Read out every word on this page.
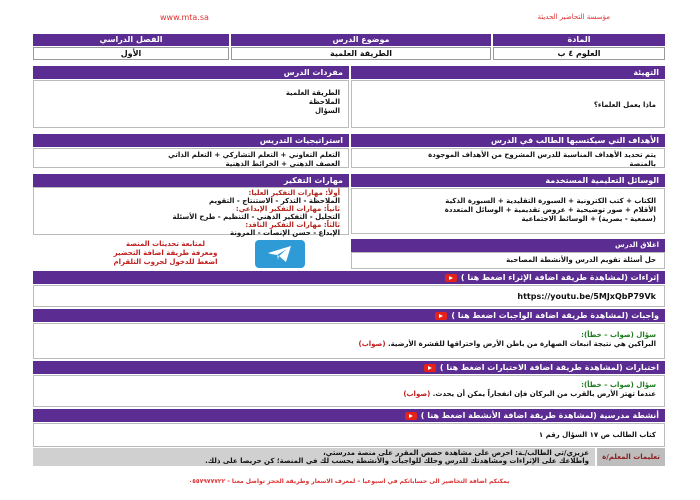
مؤسسة التحاضير الحديثة
www.mta.sa
المادة
موضوع الدرس
الفصل الدراسي
العلوم ٤ ب
الطريقة العلمية
الأول
التهيئة
ماذا يعمل العلماء؟
الأهداف التي سيكتسبها الطالب في الدرس
يتم تحديد الأهداف المناسبة للدرس المشروح من الأهداف الموجودة
بالمنصة
الوسائل التعليمية المستخدمة
الكتاب + كتب الكترونية + السبورة التقليدية + السبورة الذكية
الأقلام + صور توضيحية + عروض تقديمية + الوسائل المتعددة
(سمعية - بصرية) + الوسائط الاجتماعية
اغلاق الدرس
حل أسئلة تقويم الدرس والأنشطة المصاحبة
مفردات الدرس
الطريقة العلمية
الملاحظة
السؤال
استراتيجيات التدريس
التعلم التعاوني + التعلم التشاركي + التعلم الذاتي
العصف الذهني + الخرائط الذهنية
مهارات التفكير
أولاً: مهارات التفكير العليا:
الملاحظة - التذكر - الاستنتاج - التقويم
ثانياً: مهارات التفكير الإبداعي:
التحليل - التفكير الذهني - التنظيم - طرح الأسئلة
ثالثاً: مهارات التفكير الناقد:
الإبداع - حسن الإنصات - المرونة
لمتابعة تحديثات المنصة
ومعرفة طريقة اضافة التحضير
اضغط للدخول لجروب التلقرام
إثراءات (لمشاهدة طريقة اضافة الإثراء اضغط هنا )
https://youtu.be/5MJxQbP79Vk
واجبات (لمشاهدة طريقة اضافة الواجبات اضغط هنا )
سؤال (صواب – خطأ):
البراكين هي نتيجة انبعاث الصهارة من باطن الأرض واختراقها للقشرة الأرضية. (صواب)
اختبارات (لمشاهدة طريقة اضافة الاختبارات اضغط هنا )
سؤال (صواب – خطأ):
عندما تهتز الأرض بالقرب من البركان فإن انفجاراً يمكن أن يحدث. (صواب)
أنشطة مدرسية (لمشاهدة طريقة اضافة الأنشطة اضغط هنا )
كتاب الطالب ص ١٧ السؤال رقم ١
تعليمات المعلم/ة
عزيزي/تي الطالب/ـة: احرص على مشاهدة حصص المقرر على منصة مدرستي،
واطلاعك على الإثراءات ومشاهدتك للدرس وحلك للواجبات والأنشطة يحسب لك في المنصة؛ كن حريصا على ذلك.
يمكنكم اضافة التحاضير الى حساباتكم في اسبوعيا – لمعرف الاسعار وطريقة الحجز تواصل معنا - ٠٥٥٧٩٧٧٧٢٢
